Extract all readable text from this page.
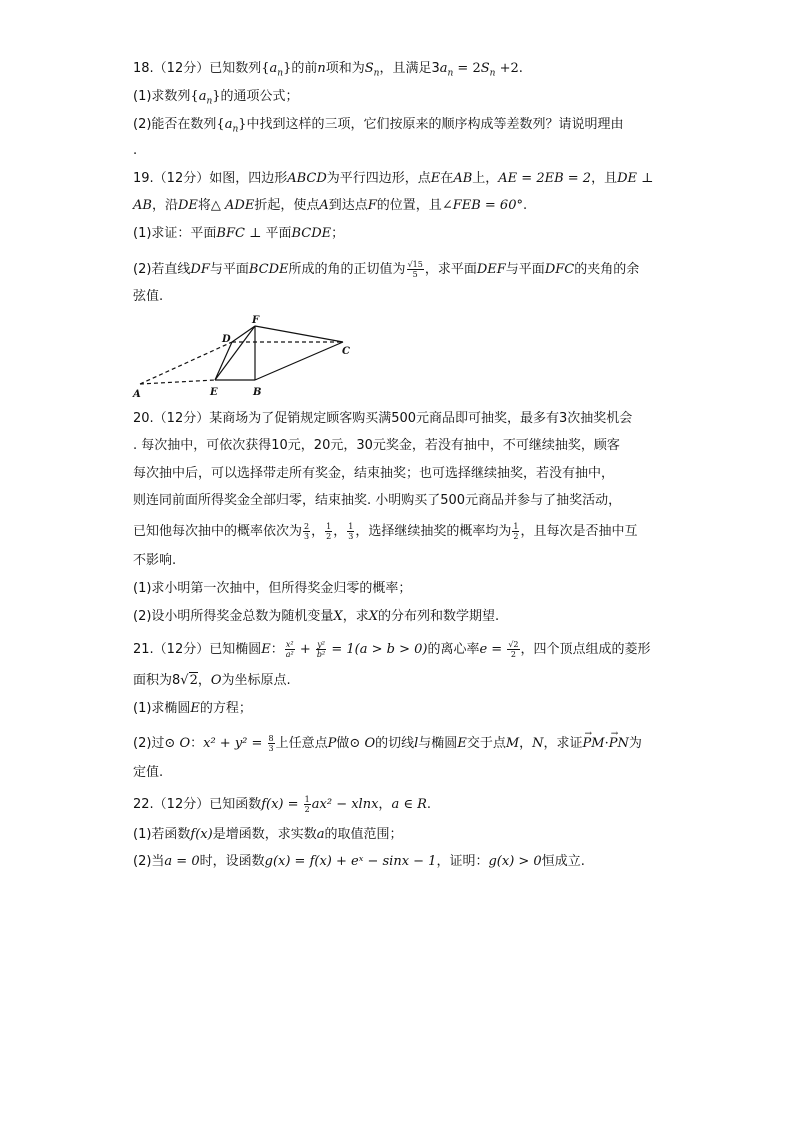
18.（12分）已知数列$\{a_n\}$的前n项和为$S_n$，且满足$3a_n = 2S_n +2$.
(1)求数列$\{a_n\}$的通项公式；
(2)能否在数列$\{a_n\}$中找到这样的三项，它们按原来的顺序构成等差数列？请说明理由
.
19.（12分）如图，四边形ABCD为平行四边形，点E在AB上，AE = 2EB = 2，且DE ⊥
AB，沿DE将△ ADE折起，使点A到达点F的位置，且∠FEB = 60°.
(1)求证：平面BFC ⊥ 平面BCDE；
(2)若直线DF与平面BCDE所成的角的正切值为 $\frac{√15}{5}$ ，求平面DEF与平面DFC的夹角的余
弦值.
A	E	B
D
F
C
20.（12分）某商场为了促销规定顾客购买满500元商品即可抽奖，最多有3次抽奖机会
. 每次抽中，可依次获得10元，20元，30元奖金，若没有抽中，不可继续抽奖，顾客
每次抽中后，可以选择带走所有奖金，结束抽奖；也可选择继续抽奖，若没有抽中，
则连同前面所得奖金全部归零，结束抽奖. 小明购买了500元商品并参与了抽奖活动，
已知他每次抽中的概率依次为 $\frac{2}{3}$ ， $\frac{1}{2}$ ， $\frac{1}{3}$ ，选择继续抽奖的概率均为 $\frac{1}{2}$ ，且每次是否抽中互
不影响.
(1)求小明第一次抽中，但所得奖金归零的概率；
(2)设小明所得奖金总数为随机变量X，求X的分布列和数学期望.
21.（12分）已知椭圆E： $\frac{\text{x²}}{\text{a²}} + \frac{\text{y²}}{\text{b²}} = 1(a > b > 0)$的离心率$e = \frac{√2}{2}$ ，四个顶点组成的菱形
面积为8√2，O为坐标原点.
(1)求椭圆E的方程；
(2)过⊙ O：$x^2 + y^2 = \frac{8}{3}$ 上任意点P做⊙ O的切线l与椭圆E交于点M，N，求证→ PM·→ PN为
定值.
22.（12分）已知函数$f(x) = \frac{1}{2} ax^2 - xlnx$，a ∈ R.
(1)若函数f(x)是增函数，求实数a的取值范围；
(2)当a = 0时，设函数g(x) = f(x) + eˣ − sinx − 1，证明：g(x) > 0恒成立.
